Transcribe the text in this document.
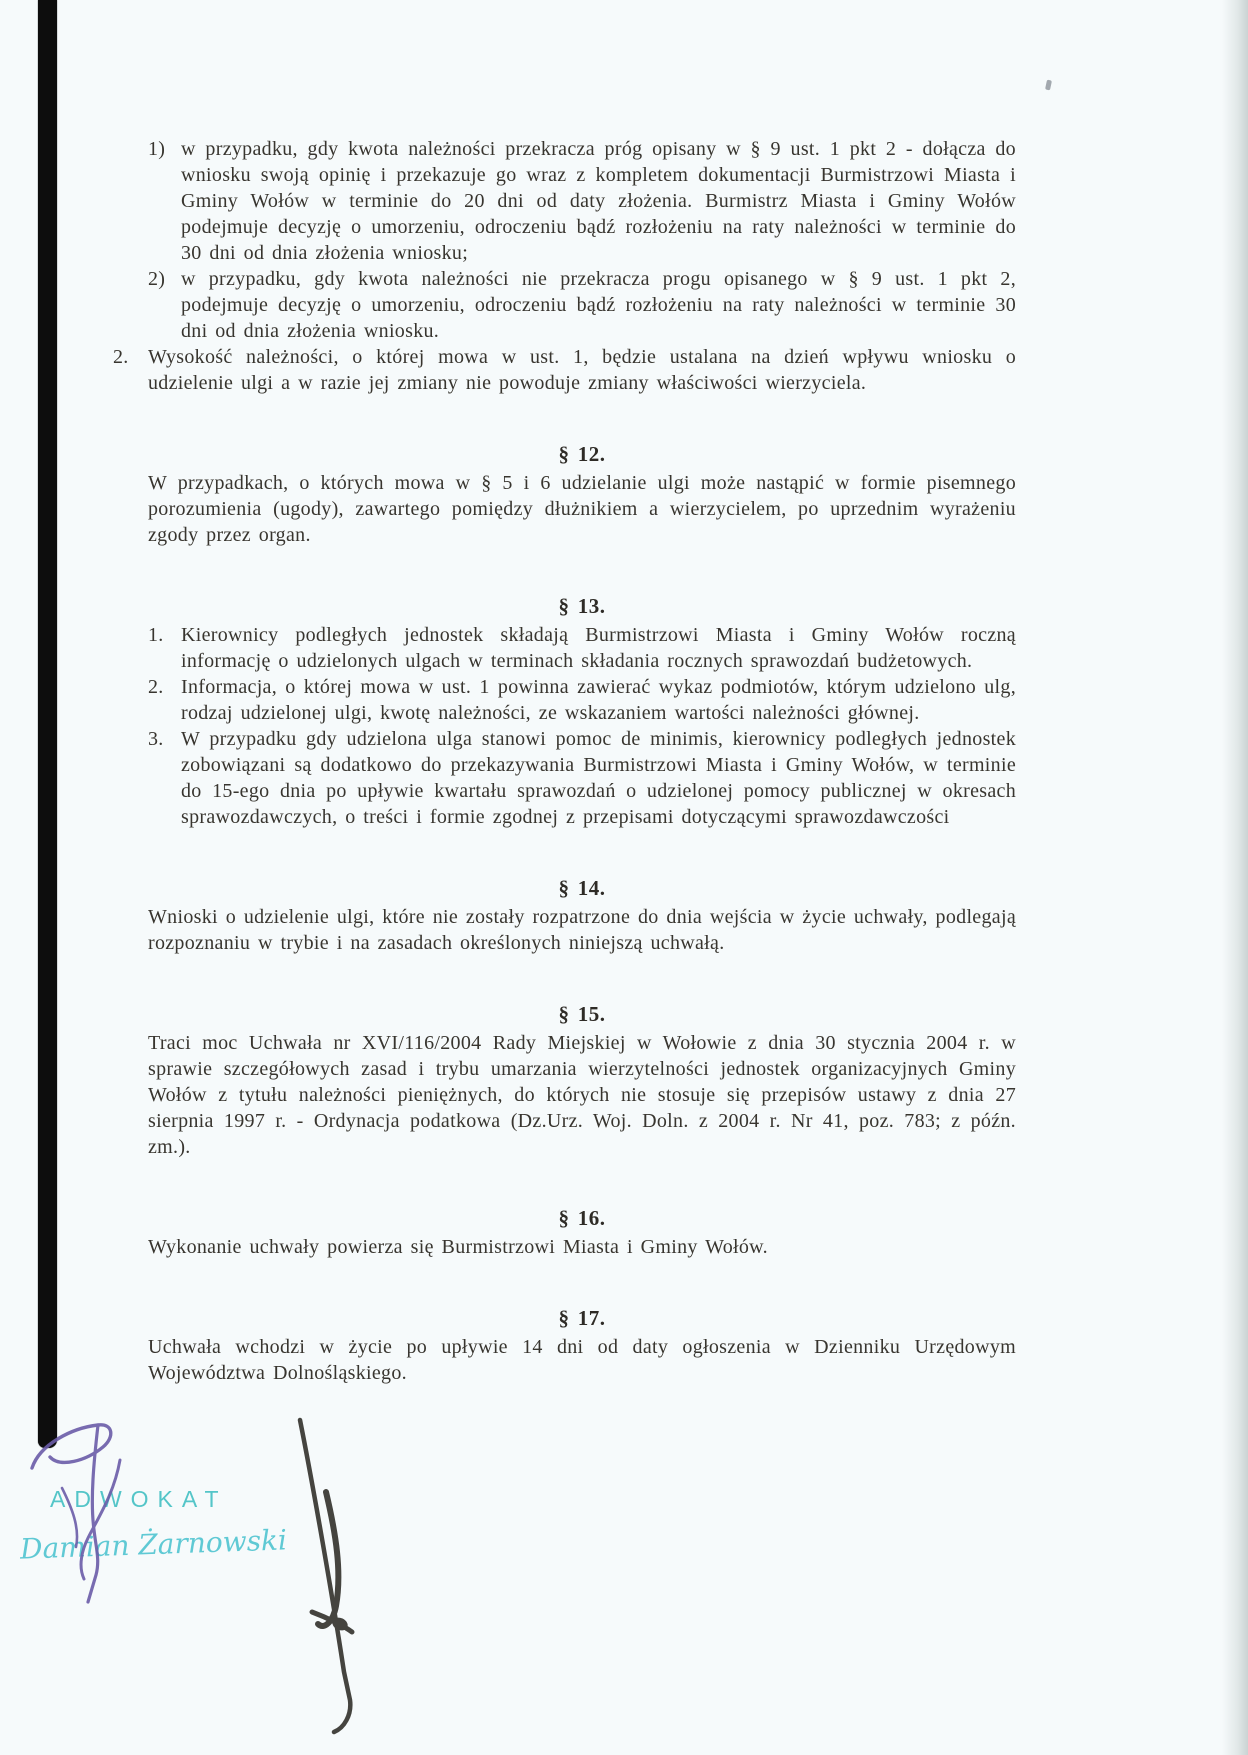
1) w przypadku, gdy kwota należności przekracza próg opisany w § 9 ust. 1 pkt 2 - dołącza do wniosku swoją opinię i przekazuje go wraz z kompletem dokumentacji Burmistrzowi Miasta i Gminy Wołów w terminie do 20 dni od daty złożenia. Burmistrz Miasta i Gminy Wołów podejmuje decyzję o umorzeniu, odroczeniu bądź rozłożeniu na raty należności w terminie do 30 dni od dnia złożenia wniosku;
2) w przypadku, gdy kwota należności nie przekracza progu opisanego w § 9 ust. 1 pkt 2, podejmuje decyzję o umorzeniu, odroczeniu bądź rozłożeniu na raty należności w terminie 30 dni od dnia złożenia wniosku.
2. Wysokość należności, o której mowa w ust. 1, będzie ustalana na dzień wpływu wniosku o udzielenie ulgi a w razie jej zmiany nie powoduje zmiany właściwości wierzyciela.
§ 12.

W przypadkach, o których mowa w § 5 i 6 udzielanie ulgi może nastąpić w formie pisemnego porozumienia (ugody), zawartego pomiędzy dłużnikiem a wierzycielem, po uprzednim wyrażeniu zgody przez organ.

§ 13.
1. Kierownicy podległych jednostek składają Burmistrzowi Miasta i Gminy Wołów roczną informację o udzielonych ulgach w terminach składania rocznych sprawozdań budżetowych.
2. Informacja, o której mowa w ust. 1 powinna zawierać wykaz podmiotów, którym udzielono ulg, rodzaj udzielonej ulgi, kwotę należności, ze wskazaniem wartości należności głównej.
3. W przypadku gdy udzielona ulga stanowi pomoc de minimis, kierownicy podległych jednostek zobowiązani są dodatkowo do przekazywania Burmistrzowi Miasta i Gminy Wołów, w terminie do 15-ego dnia po upływie kwartału sprawozdań o udzielonej pomocy publicznej w okresach sprawozdawczych, o treści i formie zgodnej z przepisami dotyczącymi sprawozdawczości
§ 14.

Wnioski o udzielenie ulgi, które nie zostały rozpatrzone do dnia wejścia w życie uchwały, podlegają rozpoznaniu w trybie i na zasadach określonych niniejszą uchwałą.

§ 15.

Traci moc Uchwała nr XVI/116/2004 Rady Miejskiej w Wołowie z dnia 30 stycznia 2004 r. w sprawie szczegółowych zasad i trybu umarzania wierzytelności jednostek organizacyjnych Gminy Wołów z tytułu należności pieniężnych, do których nie stosuje się przepisów ustawy z dnia 27 sierpnia 1997 r. - Ordynacja podatkowa (Dz.Urz. Woj. Doln. z 2004 r. Nr 41, poz. 783; z późn. zm.).

§ 16.

Wykonanie uchwały powierza się Burmistrzowi Miasta i Gminy Wołów.

§ 17.

Uchwała wchodzi w życie po upływie 14 dni od daty ogłoszenia w Dzienniku Urzędowym Województwa Dolnośląskiego.

ADWOKAT
Damian Żarnowski
